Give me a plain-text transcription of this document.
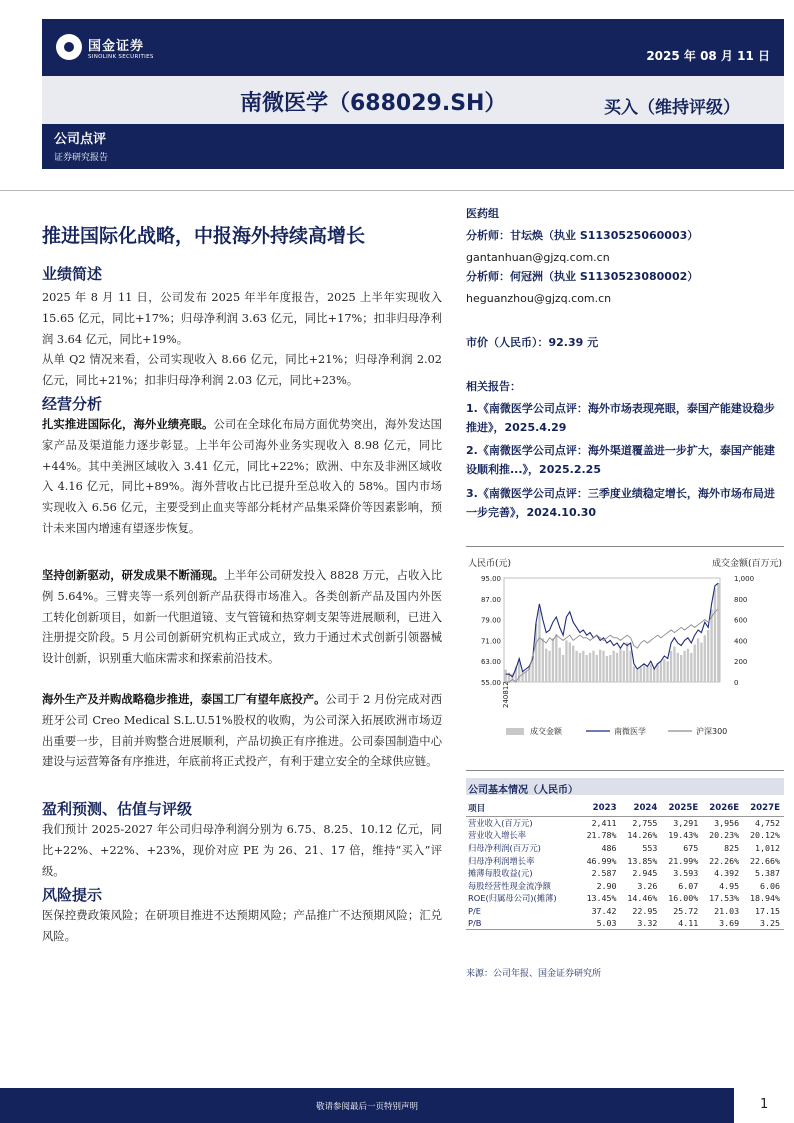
国金证券
SINOLINK SECURITIES	2025 年 08 月 11 日
南微医学（688029.SH）	买入（维持评级）
公司点评
证券研究报告
推进国际化战略，中报海外持续高增长
业绩简述
2025 年 8 月 11 日，公司发布 2025 年半年度报告，2025 上半年实现收入 15.65 亿元，同比+17%；归母净利润 3.63 亿元，同比+17%；扣非归母净利润 3.64 亿元，同比+19%。
从单 Q2 情况来看，公司实现收入 8.66 亿元，同比+21%；归母净利润 2.02 亿元，同比+21%；扣非归母净利润 2.03 亿元，同比+23%。
经营分析
扎实推进国际化，海外业绩亮眼。公司在全球化布局方面优势突出，海外发达国家产品及渠道能力逐步彰显。上半年公司海外业务实现收入 8.98 亿元，同比+44%。其中美洲区域收入 3.41 亿元，同比+22%；欧洲、中东及非洲区域收入 4.16 亿元，同比+89%。海外营收占比已提升至总收入的 58%。国内市场实现收入 6.56 亿元，主要受到止血夹等部分耗材产品集采降价等因素影响，预计未来国内增速有望逐步恢复。
坚持创新驱动，研发成果不断涌现。上半年公司研发投入 8828 万元，占收入比例 5.64%。三臂夹等一系列创新产品获得市场准入。各类创新产品及国内外医工转化创新项目，如新一代胆道镜、支气管镜和热穿刺支架等进展顺利，已进入注册提交阶段。5 月公司创新研究机构正式成立，致力于通过术式创新引领器械设计创新，识别重大临床需求和探索前沿技术。
海外生产及并购战略稳步推进，泰国工厂有望年底投产。公司于 2 月份完成对西班牙公司 Creo Medical S.L.U.51%股权的收购，为公司深入拓展欧洲市场迈出重要一步，目前并购整合进展顺利，产品切换正有序推进。公司泰国制造中心建设与运营筹备有序推进，年底前将正式投产，有利于建立安全的全球供应链。
盈利预测、估值与评级
我们预计 2025-2027 年公司归母净利润分别为 6.75、8.25、10.12 亿元，同比+22%、+22%、+23%，现价对应 PE 为 26、21、17 倍，维持“买入”评级。
风险提示
医保控费政策风险；在研项目推进不达预期风险；产品推广不达预期风险；汇兑风险。
医药组
分析师：甘坛焕（执业 S1130525060003）
gantanhuan@gjzq.com.cn
分析师：何冠洲（执业 S1130523080002）
heguanzhou@gjzq.com.cn
市价（人民币）：92.39 元
相关报告：
1.《南微医学公司点评：海外市场表现亮眼，泰国产能建设稳步推进》，2025.4.29
2.《南微医学公司点评：海外渠道覆盖进一步扩大，泰国产能建设顺利推...》，2025.2.25
3.《南微医学公司点评：三季度业绩稳定增长，海外市场布局进一步完善》，2024.10.30
人民币(元)	成交金额(百万元)
95.00
87.00
79.00
71.00
63.00
55.00
1,000
800
600
400
200
0
240812
成交金额	南微医学	沪深300
公司基本情况（人民币）
项目	2023	2024	2025E	2026E	2027E
营业收入(百万元)	2,411	2,755	3,291	3,956	4,752
营业收入增长率	21.78%	14.26%	19.43%	20.23%	20.12%
归母净利润(百万元)	486	553	675	825	1,012
归母净利润增长率	46.99%	13.85%	21.99%	22.26%	22.66%
摊薄每股收益(元)	2.587	2.945	3.593	4.392	5.387
每股经营性现金流净额	2.90	3.26	6.07	4.95	6.06
ROE(归属母公司)(摊薄)	13.45%	14.46%	16.00%	17.53%	18.94%
P/E	37.42	22.95	25.72	21.03	17.15
P/B	5.03	3.32	4.11	3.69	3.25
来源：公司年报、国金证券研究所
敬请参阅最后一页特别声明	1
